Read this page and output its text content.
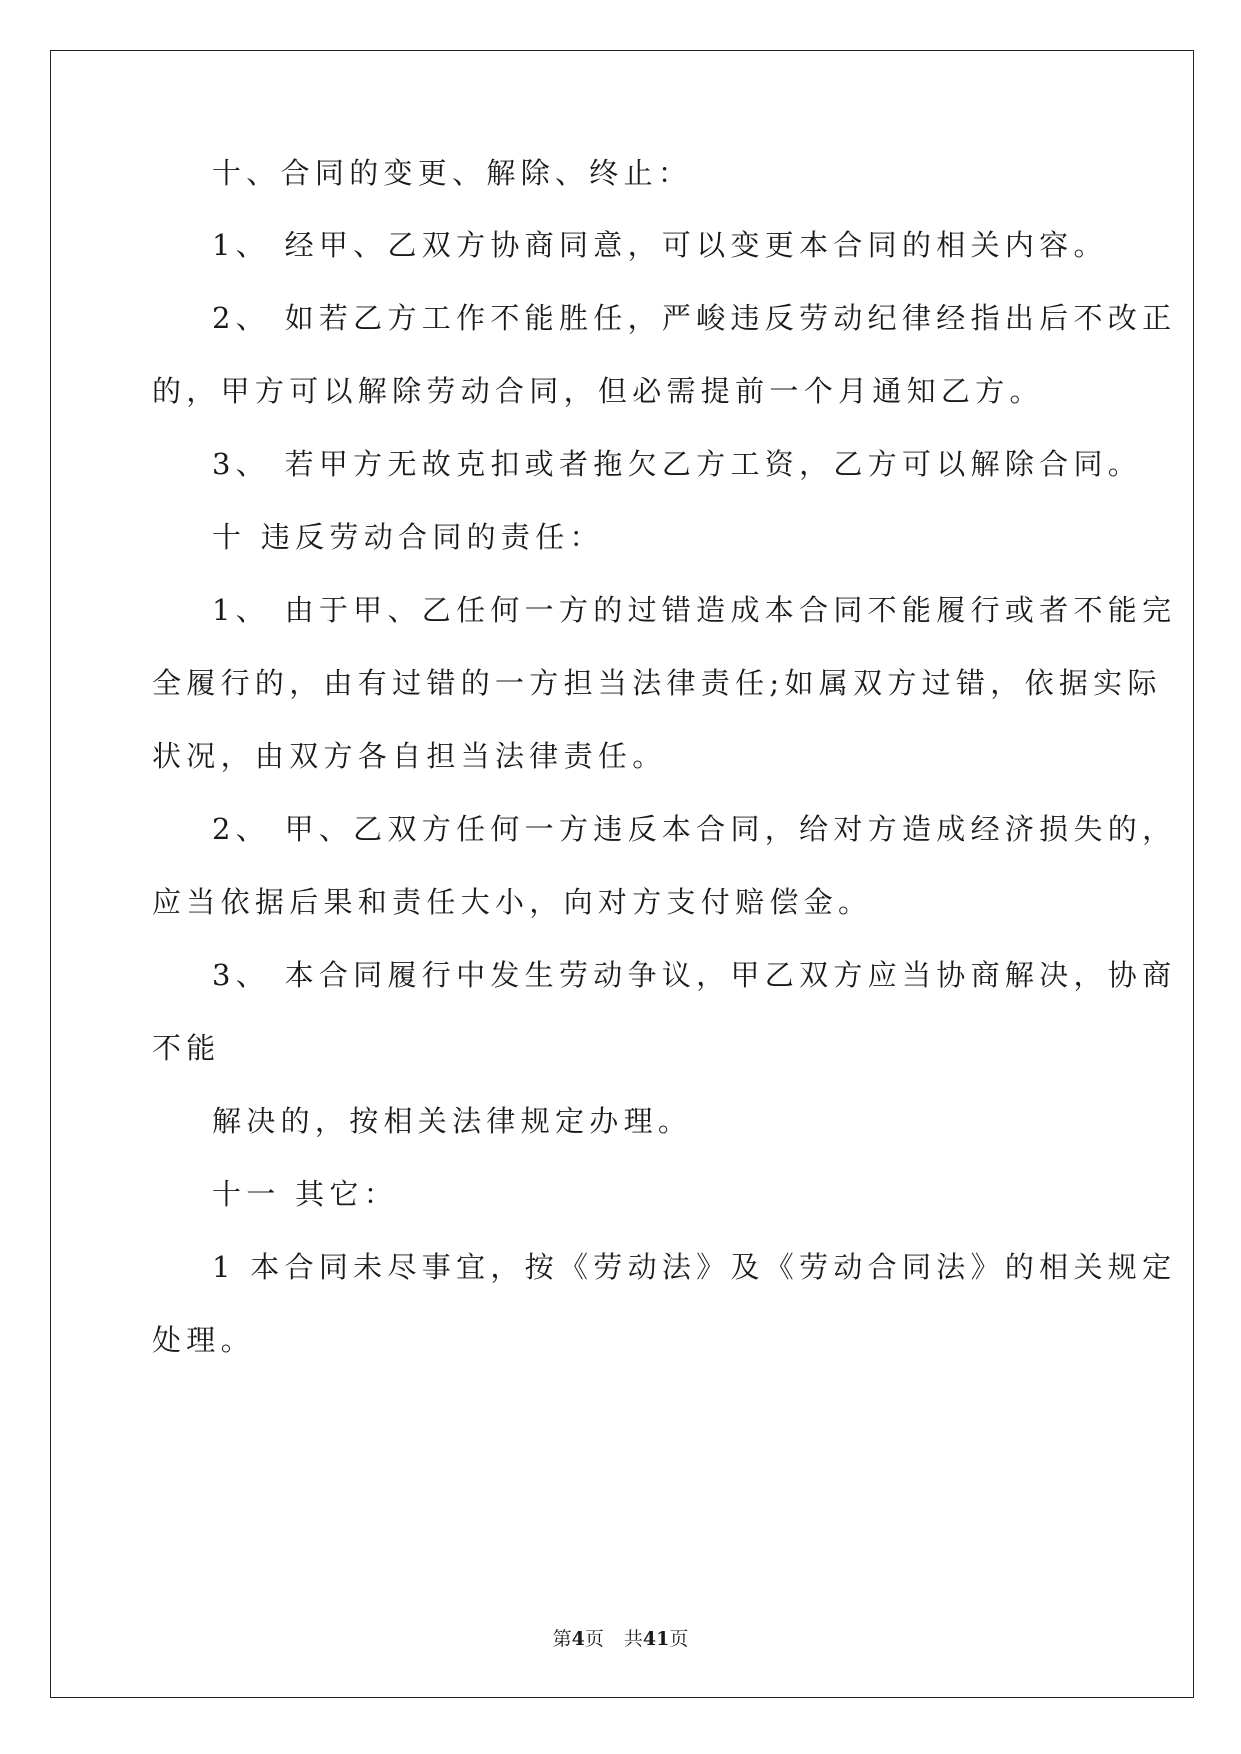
十、合同的变更、解除、终止：
1、 经甲、乙双方协商同意，可以变更本合同的相关内容。
2、 如若乙方工作不能胜任，严峻违反劳动纪律经指出后不改正
的，甲方可以解除劳动合同，但必需提前一个月通知乙方。
3、 若甲方无故克扣或者拖欠乙方工资，乙方可以解除合同。
十 违反劳动合同的责任：
1、 由于甲、乙任何一方的过错造成本合同不能履行或者不能完
全履行的，由有过错的一方担当法律责任;如属双方过错，依据实际
状况，由双方各自担当法律责任。
2、 甲、乙双方任何一方违反本合同，给对方造成经济损失的，
应当依据后果和责任大小，向对方支付赔偿金。
3、 本合同履行中发生劳动争议，甲乙双方应当协商解决，协商
不能
解决的，按相关法律规定办理。
十一 其它：
1 本合同未尽事宜，按《劳动法》及《劳动合同法》的相关规定
处理。
第4页 共41页
